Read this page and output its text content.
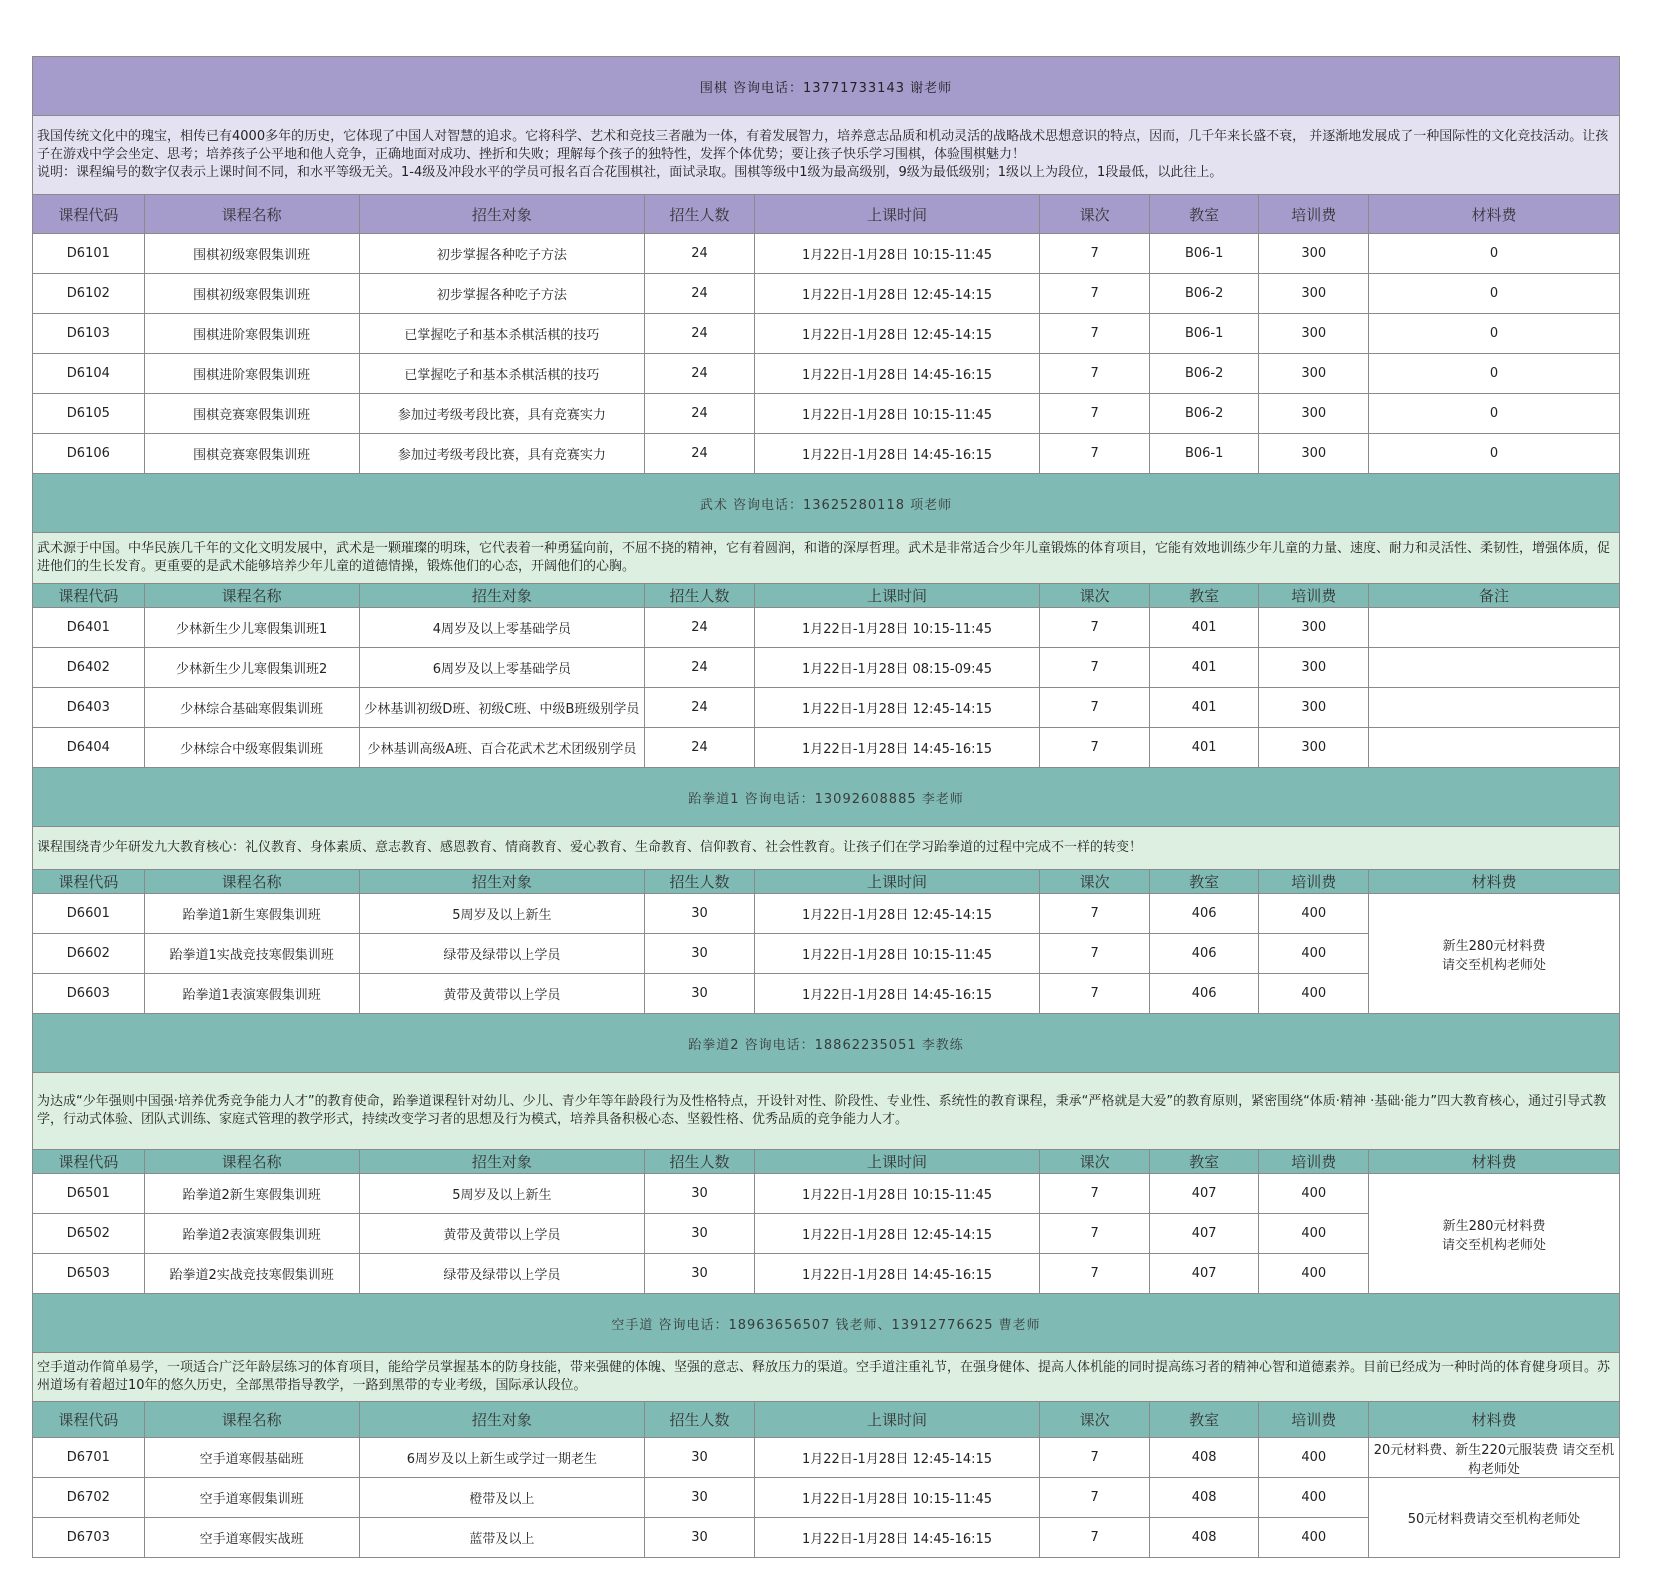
围棋 咨询电话：13771733143 谢老师								

我国传统文化中的瑰宝，相传已有4000多年的历史，它体现了中国人对智慧的追求。它将科学、艺术和竞技三者融为一体，有着发展智力，培养意志品质和机动灵活的战略战术思想意识的特点，因而，几千年来长盛不衰， 并逐渐地发展成了一种国际性的文化竞技活动。让孩子在游戏中学会坐定、思考；培养孩子公平地和他人竞争，正确地面对成功、挫折和失败；理解每个孩子的独特性，发挥个体优势；要让孩子快乐学习围棋，体验围棋魅力！
说明：课程编号的数字仅表示上课时间不同，和水平等级无关。1-4级及冲段水平的学员可报名百合花围棋社，面试录取。围棋等级中1级为最高级别，9级为最低级别；1级以上为段位，1段最低，以此往上。								

课程代码	课程名称	招生对象	招生人数	上课时间	课次	教室	培训费	材料费
D6101	围棋初级寒假集训班	初步掌握各种吃子方法	24	1月22日-1月28日 10:15-11:45	7	B06-1	300	0
D6102	围棋初级寒假集训班	初步掌握各种吃子方法	24	1月22日-1月28日 12:45-14:15	7	B06-2	300	0
D6103	围棋进阶寒假集训班	已掌握吃子和基本杀棋活棋的技巧	24	1月22日-1月28日 12:45-14:15	7	B06-1	300	0
D6104	围棋进阶寒假集训班	已掌握吃子和基本杀棋活棋的技巧	24	1月22日-1月28日 14:45-16:15	7	B06-2	300	0
D6105	围棋竞赛寒假集训班	参加过考级考段比赛，具有竞赛实力	24	1月22日-1月28日 10:15-11:45	7	B06-2	300	0
D6106	围棋竞赛寒假集训班	参加过考级考段比赛，具有竞赛实力	24	1月22日-1月28日 14:45-16:15	7	B06-1	300	0
武术 咨询电话：13625280118 项老师								

武术源于中国。中华民族几千年的文化文明发展中，武术是一颗璀璨的明珠，它代表着一种勇猛向前，不屈不挠的精神，它有着圆润，和谐的深厚哲理。武术是非常适合少年儿童锻炼的体育项目，它能有效地训练少年儿童的力量、速度、耐力和灵活性、柔韧性，增强体质，促进他们的生长发育。更重要的是武术能够培养少年儿童的道德情操，锻炼他们的心态，开阔他们的心胸。								

课程代码	课程名称	招生对象	招生人数	上课时间	课次	教室	培训费	备注
D6401	少林新生少儿寒假集训班1	4周岁及以上零基础学员	24	1月22日-1月28日 10:15-11:45	7	401	300	
D6402	少林新生少儿寒假集训班2	6周岁及以上零基础学员	24	1月22日-1月28日 08:15-09:45	7	401	300	
D6403	少林综合基础寒假集训班	少林基训初级D班、初级C班、中级B班级别学员	24	1月22日-1月28日 12:45-14:15	7	401	300	
D6404	少林综合中级寒假集训班	少林基训高级A班、百合花武术艺术团级别学员	24	1月22日-1月28日 14:45-16:15	7	401	300	
跆拳道1 咨询电话：13092608885 李老师								

课程围绕青少年研发九大教育核心：礼仪教育、身体素质、意志教育、感恩教育、情商教育、爱心教育、生命教育、信仰教育、社会性教育。让孩子们在学习跆拳道的过程中完成不一样的转变！								

课程代码	课程名称	招生对象	招生人数	上课时间	课次	教室	培训费	材料费
D6601	跆拳道1新生寒假集训班	5周岁及以上新生	30	1月22日-1月28日 12:45-14:15	7	406	400	新生280元材料费
请交至机构老师处
D6602	跆拳道1实战竞技寒假集训班	绿带及绿带以上学员	30	1月22日-1月28日 10:15-11:45	7	406	400	
D6603	跆拳道1表演寒假集训班	黄带及黄带以上学员	30	1月22日-1月28日 14:45-16:15	7	406	400	
跆拳道2 咨询电话：18862235051 李教练								

为达成“少年强则中国强·培养优秀竞争能力人才”的教育使命，跆拳道课程针对幼儿、少儿、青少年等年龄段行为及性格特点，开设针对性、阶段性、专业性、系统性的教育课程，秉承“严格就是大爱”的教育原则，紧密围绕“体质·精神 ·基础·能力”四大教育核心，通过引导式教学，行动式体验、团队式训练、家庭式管理的教学形式，持续改变学习者的思想及行为模式，培养具备积极心态、坚毅性格、优秀品质的竞争能力人才。								

课程代码	课程名称	招生对象	招生人数	上课时间	课次	教室	培训费	材料费
D6501	跆拳道2新生寒假集训班	5周岁及以上新生	30	1月22日-1月28日 10:15-11:45	7	407	400	新生280元材料费
请交至机构老师处
D6502	跆拳道2表演寒假集训班	黄带及黄带以上学员	30	1月22日-1月28日 12:45-14:15	7	407	400	
D6503	跆拳道2实战竞技寒假集训班	绿带及绿带以上学员	30	1月22日-1月28日 14:45-16:15	7	407	400	
空手道 咨询电话：18963656507 钱老师、13912776625 曹老师								

空手道动作简单易学，一项适合广泛年龄层练习的体育项目，能给学员掌握基本的防身技能，带来强健的体魄、坚强的意志、释放压力的渠道。空手道注重礼节，在强身健体、提高人体机能的同时提高练习者的精神心智和道德素养。目前已经成为一种时尚的体育健身项目。苏州道场有着超过10年的悠久历史，全部黑带指导教学，一路到黑带的专业考级，国际承认段位。								

课程代码	课程名称	招生对象	招生人数	上课时间	课次	教室	培训费	材料费
D6701	空手道寒假基础班	6周岁及以上新生或学过一期老生	30	1月22日-1月28日 12:45-14:15	7	408	400	20元材料费、新生220元服装费 请交至机构老师处
D6702	空手道寒假集训班	橙带及以上	30	1月22日-1月28日 10:15-11:45	7	408	400	50元材料费请交至机构老师处
D6703	空手道寒假实战班	蓝带及以上	30	1月22日-1月28日 14:45-16:15	7	408	400	
